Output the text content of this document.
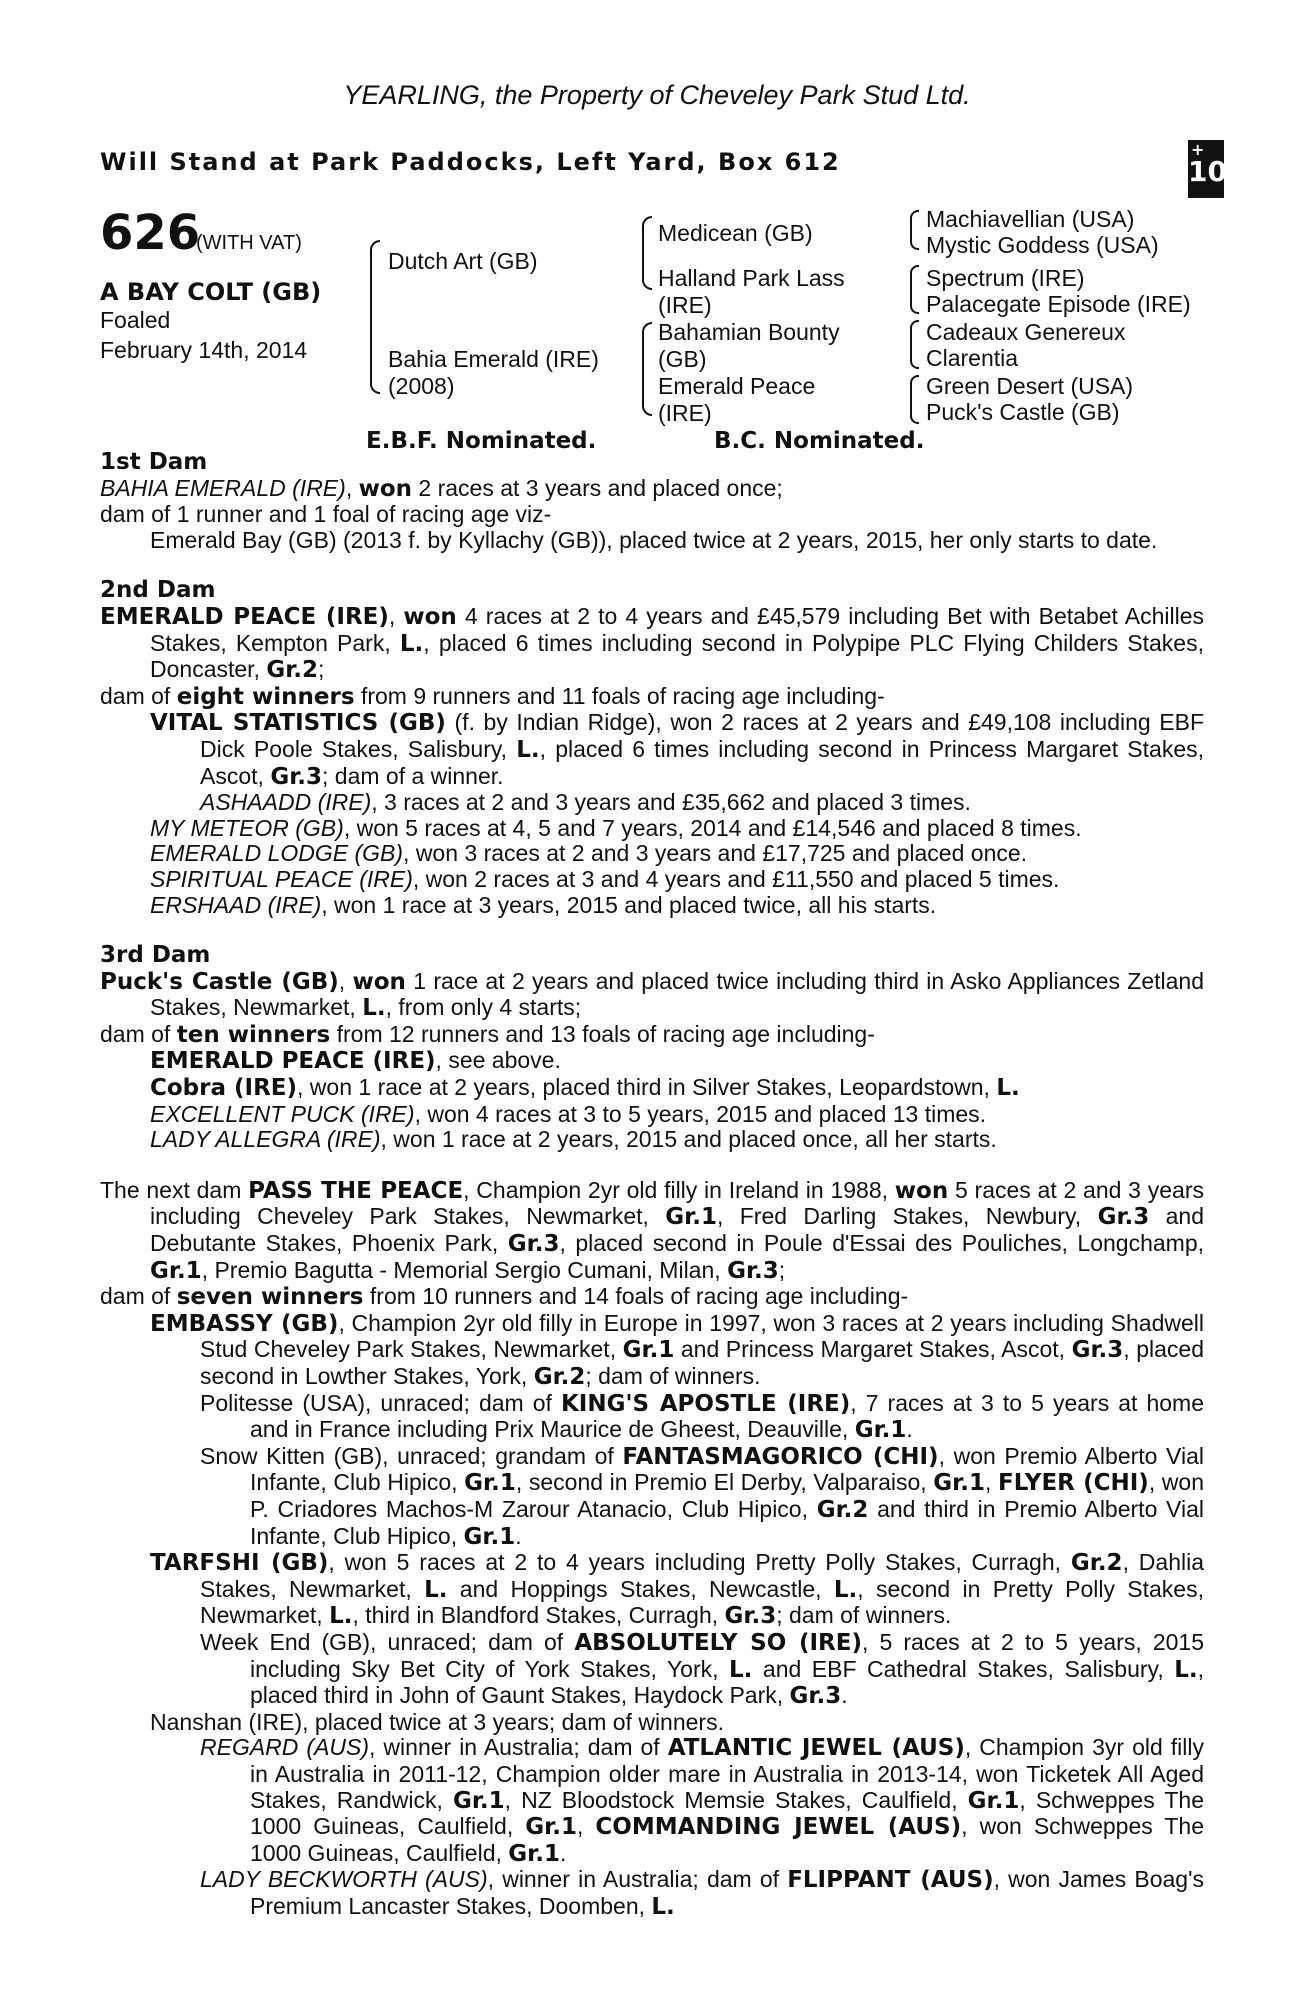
YEARLING, the Property of Cheveley Park Stud Ltd.
Will Stand at Park Paddocks, Left Yard, Box 612	+
10
626
(WITH VAT)
A BAY COLT (GB)
Foaled
February 14th, 2014
Dutch Art (GB)
Bahia Emerald (IRE)
(2008)
Medicean (GB)
Halland Park Lass
(IRE)
Bahamian Bounty
(GB)
Emerald Peace
(IRE)
Machiavellian (USA)
Mystic Goddess (USA)
Spectrum (IRE)
Palacegate Episode (IRE)
Cadeaux Genereux
Clarentia
Green Desert (USA)
Puck's Castle (GB)
E.B.F. Nominated.	B.C. Nominated.
1st Dam
BAHIA EMERALD (IRE), won 2 races at 3 years and placed once;
dam of 1 runner and 1 foal of racing age viz-
Emerald Bay (GB) (2013 f. by Kyllachy (GB)), placed twice at 2 years, 2015, her only starts to date.
2nd Dam
EMERALD PEACE (IRE), won 4 races at 2 to 4 years and £45,579 including Bet with Betabet Achilles Stakes, Kempton Park, L., placed 6 times including second in Polypipe PLC Flying Childers Stakes, Doncaster, Gr.2;
dam of eight winners from 9 runners and 11 foals of racing age including-
VITAL STATISTICS (GB) (f. by Indian Ridge), won 2 races at 2 years and £49,108 including EBF Dick Poole Stakes, Salisbury, L., placed 6 times including second in Princess Margaret Stakes, Ascot, Gr.3; dam of a winner.
ASHAADD (IRE), 3 races at 2 and 3 years and £35,662 and placed 3 times.
MY METEOR (GB), won 5 races at 4, 5 and 7 years, 2014 and £14,546 and placed 8 times.
EMERALD LODGE (GB), won 3 races at 2 and 3 years and £17,725 and placed once.
SPIRITUAL PEACE (IRE), won 2 races at 3 and 4 years and £11,550 and placed 5 times.
ERSHAAD (IRE), won 1 race at 3 years, 2015 and placed twice, all his starts.
3rd Dam
Puck's Castle (GB), won 1 race at 2 years and placed twice including third in Asko Appliances Zetland Stakes, Newmarket, L., from only 4 starts;
dam of ten winners from 12 runners and 13 foals of racing age including-
EMERALD PEACE (IRE), see above.
Cobra (IRE), won 1 race at 2 years, placed third in Silver Stakes, Leopardstown, L.
EXCELLENT PUCK (IRE), won 4 races at 3 to 5 years, 2015 and placed 13 times.
LADY ALLEGRA (IRE), won 1 race at 2 years, 2015 and placed once, all her starts.
The next dam PASS THE PEACE, Champion 2yr old filly in Ireland in 1988, won 5 races at 2 and 3 years including Cheveley Park Stakes, Newmarket, Gr.1, Fred Darling Stakes, Newbury, Gr.3 and Debutante Stakes, Phoenix Park, Gr.3, placed second in Poule d'Essai des Pouliches, Longchamp, Gr.1, Premio Bagutta - Memorial Sergio Cumani, Milan, Gr.3;
dam of seven winners from 10 runners and 14 foals of racing age including-
EMBASSY (GB), Champion 2yr old filly in Europe in 1997, won 3 races at 2 years including Shadwell Stud Cheveley Park Stakes, Newmarket, Gr.1 and Princess Margaret Stakes, Ascot, Gr.3, placed second in Lowther Stakes, York, Gr.2; dam of winners.
Politesse (USA), unraced; dam of KING'S APOSTLE (IRE), 7 races at 3 to 5 years at home and in France including Prix Maurice de Gheest, Deauville, Gr.1.
Snow Kitten (GB), unraced; grandam of FANTASMAGORICO (CHI), won Premio Alberto Vial Infante, Club Hipico, Gr.1, second in Premio El Derby, Valparaiso, Gr.1, FLYER (CHI), won P. Criadores Machos-M Zarour Atanacio, Club Hipico, Gr.2 and third in Premio Alberto Vial Infante, Club Hipico, Gr.1.
TARFSHI (GB), won 5 races at 2 to 4 years including Pretty Polly Stakes, Curragh, Gr.2, Dahlia Stakes, Newmarket, L. and Hoppings Stakes, Newcastle, L., second in Pretty Polly Stakes, Newmarket, L., third in Blandford Stakes, Curragh, Gr.3; dam of winners.
Week End (GB), unraced; dam of ABSOLUTELY SO (IRE), 5 races at 2 to 5 years, 2015 including Sky Bet City of York Stakes, York, L. and EBF Cathedral Stakes, Salisbury, L., placed third in John of Gaunt Stakes, Haydock Park, Gr.3.
Nanshan (IRE), placed twice at 3 years; dam of winners.
REGARD (AUS), winner in Australia; dam of ATLANTIC JEWEL (AUS), Champion 3yr old filly in Australia in 2011-12, Champion older mare in Australia in 2013-14, won Ticketek All Aged Stakes, Randwick, Gr.1, NZ Bloodstock Memsie Stakes, Caulfield, Gr.1, Schweppes The 1000 Guineas, Caulfield, Gr.1, COMMANDING JEWEL (AUS), won Schweppes The 1000 Guineas, Caulfield, Gr.1.
LADY BECKWORTH (AUS), winner in Australia; dam of FLIPPANT (AUS), won James Boag's Premium Lancaster Stakes, Doomben, L.
